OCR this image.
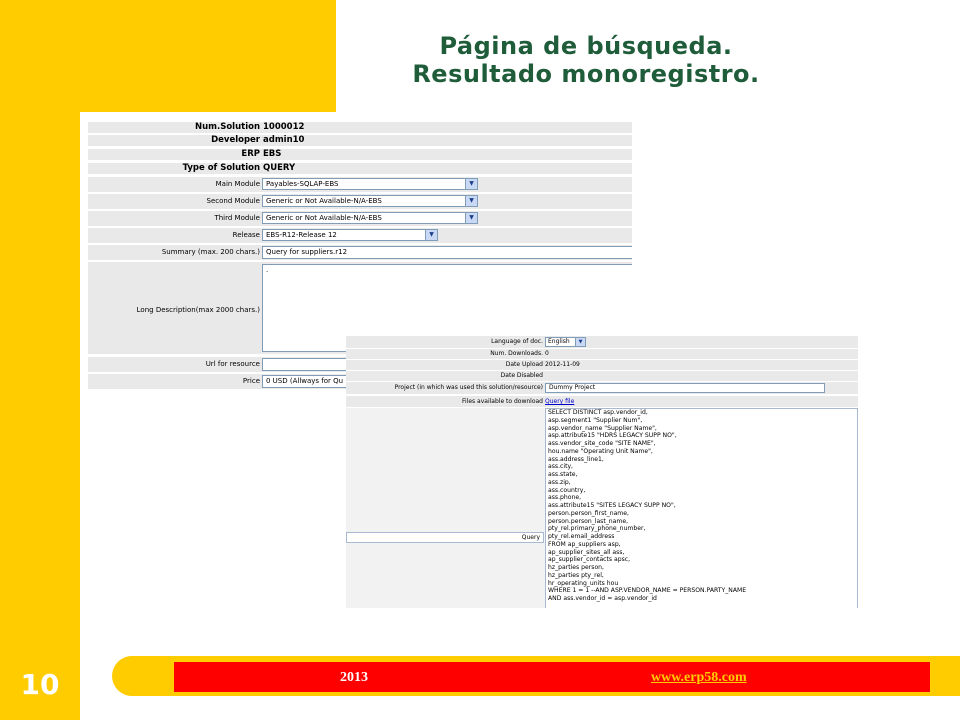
Página de búsqueda.
Resultado monoregistro.
Num.Solution 1000012
Developer admin10
ERP EBS
Type of Solution QUERY
Main Module Payables-SQLAP-EBS	▼
Second Module Generic or Not Available-N/A-EBS	▼
Third Module Generic or Not Available-N/A-EBS	▼
Release EBS-R12-Release 12	▼
Summary (max. 200 chars.) Query for suppliers.r12
Long Description(max 2000 chars.)
.
Url for resource
Price 0 USD (Allways for Qu
Language of doc. English	▼
Num. Downloads. 0
Date Upload 2012-11-09
Date Disabled
Project (in which was used this solution/resource) Dummy Project
Files available to download Query file
Query
SELECT DISTINCT asp.vendor_id,
asp.segment1 "Supplier Num",
asp.vendor_name "Supplier Name",
asp.attribute15 "HDRS LEGACY SUPP NO",
ass.vendor_site_code "SITE NAME",
hou.name "Operating Unit Name",
ass.address_line1,
ass.city,
ass.state,
ass.zip,
ass.country,
ass.phone,
ass.attribute15 "SITES LEGACY SUPP NO",
person.person_first_name,
person.person_last_name,
pty_rel.primary_phone_number,
pty_rel.email_address
FROM ap_suppliers asp,
ap_supplier_sites_all ass,
ap_supplier_contacts apsc,
hz_parties person,
hz_parties pty_rel,
hr_operating_units hou
WHERE 1 = 1 --AND ASP.VENDOR_NAME = PERSON.PARTY_NAME
AND ass.vendor_id = asp.vendor_id
2013	www.erp58.com
10
